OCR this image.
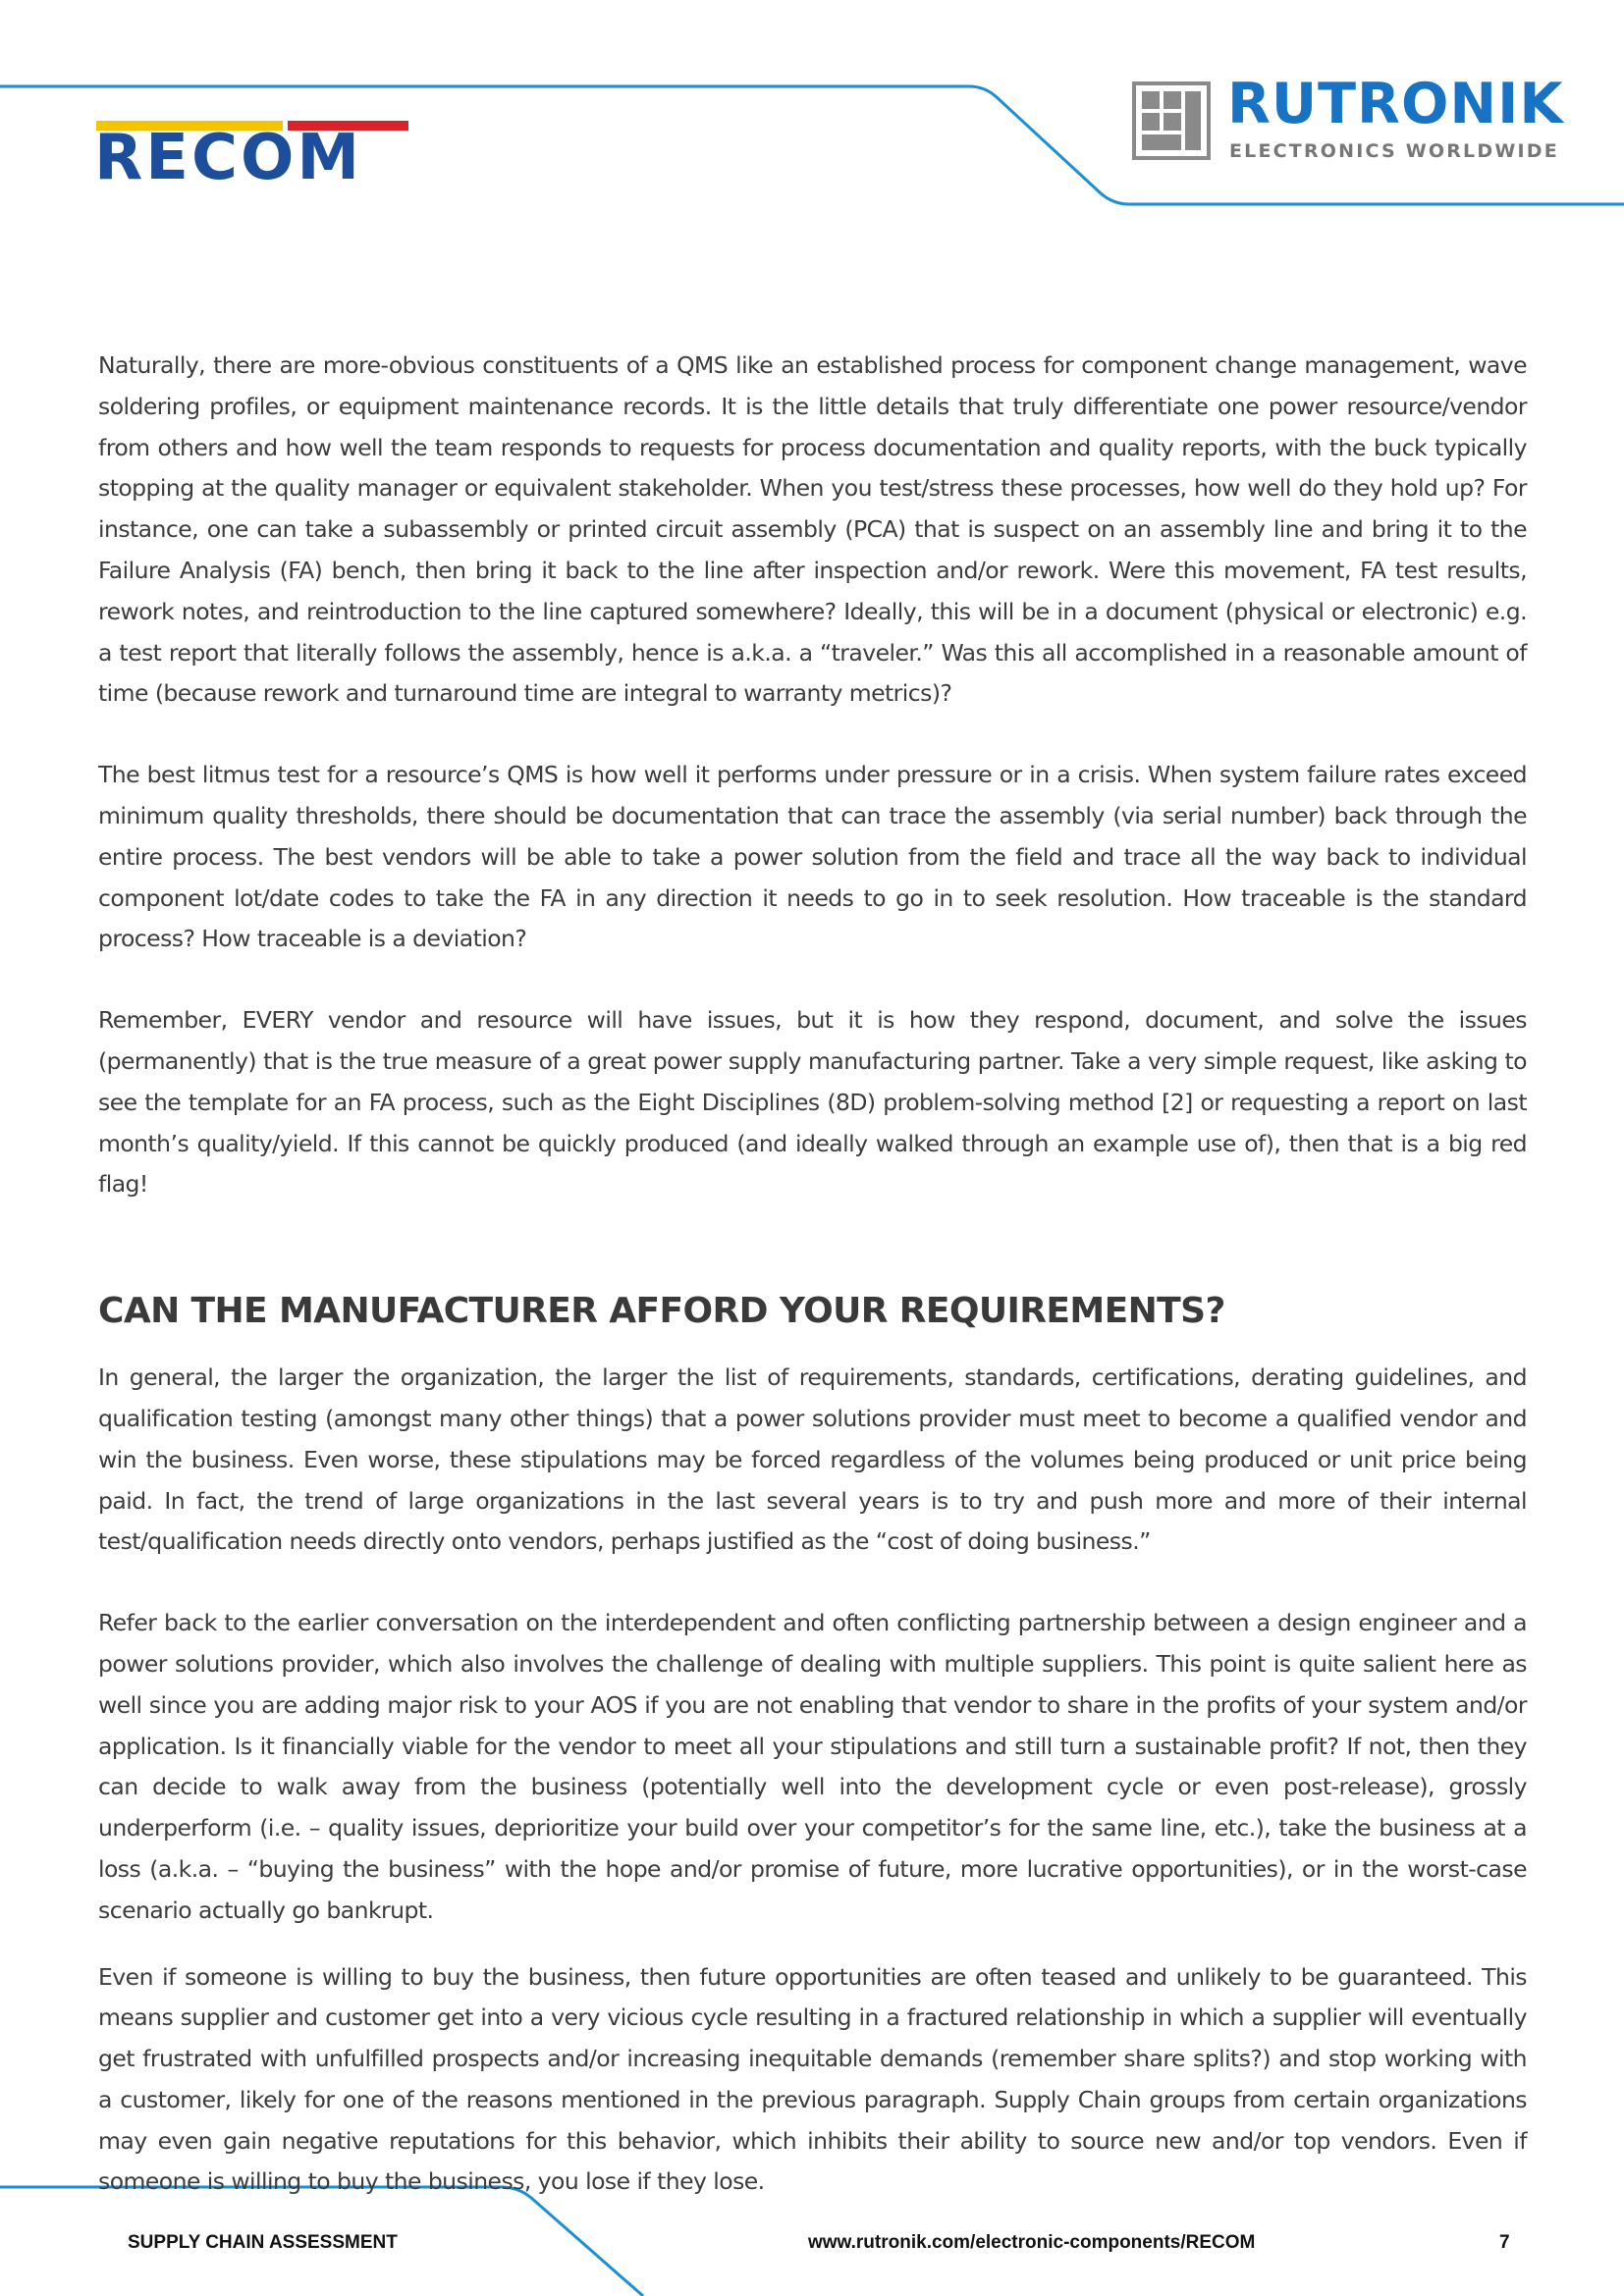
RECOM
RUTRONIK
ELECTRONICS WORLDWIDE

Naturally, there are more-obvious constituents of a QMS like an established process for component change management, wave soldering profiles, or equipment maintenance records. It is the little details that truly differentiate one power resource/vendor from others and how well the team responds to requests for process documentation and quality reports, with the buck typically stopping at the quality manager or equivalent stakeholder. When you test/stress these processes, how well do they hold up? For instance, one can take a subassembly or printed circuit assembly (PCA) that is suspect on an assembly line and bring it to the Failure Analysis (FA) bench, then bring it back to the line after inspection and/or rework. Were this movement, FA test results, rework notes, and reintroduction to the line captured somewhere? Ideally, this will be in a document (physical or electronic) e.g. a test report that literally follows the assembly, hence is a.k.a. a “traveler.” Was this all accomplished in a reasonable amount of time (because rework and turnaround time are integral to warranty metrics)?

The best litmus test for a resource’s QMS is how well it performs under pressure or in a crisis. When system failure rates exceed minimum quality thresholds, there should be documentation that can trace the assembly (via serial number) back through the entire process. The best vendors will be able to take a power solution from the field and trace all the way back to individual component lot/date codes to take the FA in any direction it needs to go in to seek resolution. How traceable is the standard process? How traceable is a deviation?

Remember, EVERY vendor and resource will have issues, but it is how they respond, document, and solve the issues (permanently) that is the true measure of a great power supply manufacturing partner. Take a very simple request, like asking to see the template for an FA process, such as the Eight Disciplines (8D) problem-solving method [2] or requesting a report on last month’s quality/yield. If this cannot be quickly produced (and ideally walked through an example use of), then that is a big red flag!

CAN THE MANUFACTURER AFFORD YOUR REQUIREMENTS?

In general, the larger the organization, the larger the list of requirements, standards, certifications, derating guidelines, and qualification testing (amongst many other things) that a power solutions provider must meet to become a qualified vendor and win the business. Even worse, these stipulations may be forced regardless of the volumes being produced or unit price being paid. In fact, the trend of large organizations in the last several years is to try and push more and more of their internal test/qualification needs directly onto vendors, perhaps justified as the “cost of doing business.”

Refer back to the earlier conversation on the interdependent and often conflicting partnership between a design engineer and a power solutions provider, which also involves the challenge of dealing with multiple suppliers. This point is quite salient here as well since you are adding major risk to your AOS if you are not enabling that vendor to share in the profits of your system and/or application. Is it financially viable for the vendor to meet all your stipulations and still turn a sustainable profit? If not, then they can decide to walk away from the business (potentially well into the development cycle or even post-release), grossly underperform (i.e. – quality issues, deprioritize your build over your competitor’s for the same line, etc.), take the business at a loss (a.k.a. – “buying the business” with the hope and/or promise of future, more lucrative opportunities), or in the worst-case scenario actually go bankrupt.

Even if someone is willing to buy the business, then future opportunities are often teased and unlikely to be guaranteed. This means supplier and customer get into a very vicious cycle resulting in a fractured relationship in which a supplier will eventually get frustrated with unfulfilled prospects and/or increasing inequitable demands (remember share splits?) and stop working with a customer, likely for one of the reasons mentioned in the previous paragraph. Supply Chain groups from certain organizations may even gain negative reputations for this behavior, which inhibits their ability to source new and/or top vendors. Even if someone is willing to buy the business, you lose if they lose.

SUPPLY CHAIN ASSESSMENT	www.rutronik.com/electronic-components/RECOM	7
